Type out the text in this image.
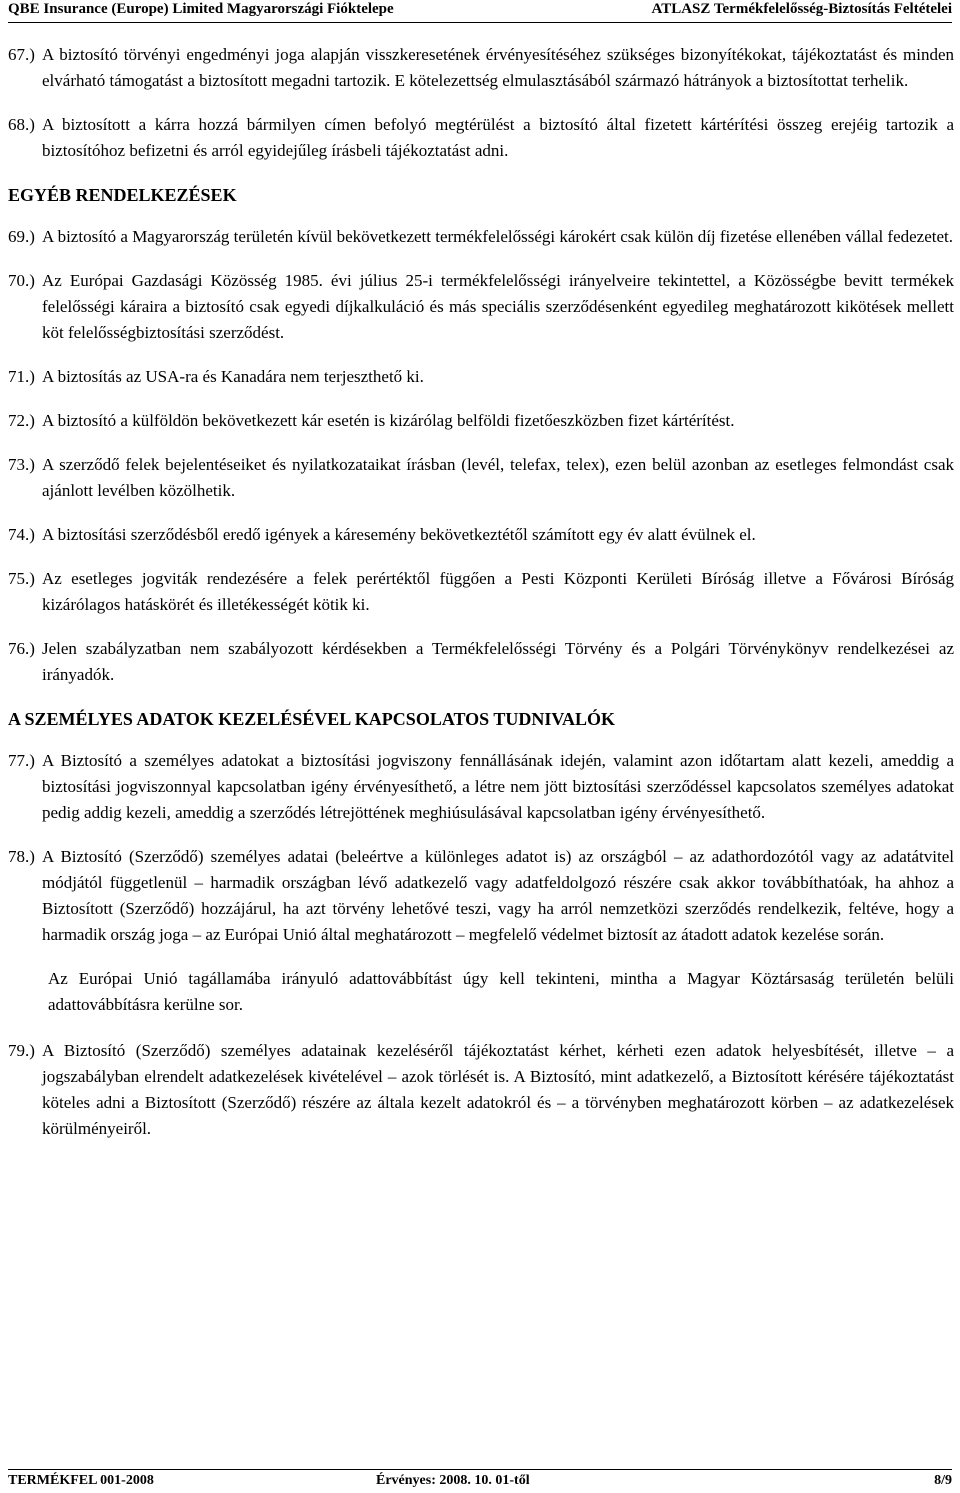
QBE Insurance (Europe) Limited Magyarországi Fióktelepe	ATLASZ Termékfelelősség-Biztosítás Feltételei
67.) A biztosító törvényi engedményi joga alapján visszkeresetének érvényesítéséhez szükséges bizonyítékokat, tájékoztatást és minden elvárható támogatást a biztosított megadni tartozik. E kötelezettség elmulasztásából származó hátrányok a biztosítottat terhelik.
68.) A biztosított a kárra hozzá bármilyen címen befolyó megtérülést a biztosító által fizetett kártérítési összeg erejéig tartozik a biztosítóhoz befizetni és arról egyidejűleg írásbeli tájékoztatást adni.
EGYÉB RENDELKEZÉSEK
69.) A biztosító a Magyarország területén kívül bekövetkezett termékfelelősségi károkért csak külön díj fizetése ellenében vállal fedezetet.
70.) Az Európai Gazdasági Közösség 1985. évi július 25-i termékfelelősségi irányelveire tekintettel, a Közösségbe bevitt termékek felelősségi káraira a biztosító csak egyedi díjkalkuláció és más speciális szerződésenként egyedileg meghatározott kikötések mellett köt felelősségbiztosítási szerződést.
71.) A biztosítás az USA-ra és Kanadára nem terjeszthető ki.
72.) A biztosító a külföldön bekövetkezett kár esetén is kizárólag belföldi fizetőeszközben fizet kártérítést.
73.) A szerződő felek bejelentéseiket és nyilatkozataikat írásban (levél, telefax, telex), ezen belül azonban az esetleges felmondást csak ajánlott levélben közölhetik.
74.) A biztosítási szerződésből eredő igények a káresemény bekövetkeztétől számított egy év alatt évülnek el.
75.) Az esetleges jogviták rendezésére a felek perértéktől függően a Pesti Központi Kerületi Bíróság illetve a Fővárosi Bíróság kizárólagos hatáskörét és illetékességét kötik ki.
76.) Jelen szabályzatban nem szabályozott kérdésekben a Termékfelelősségi Törvény és a Polgári Törvénykönyv rendelkezései az irányadók.
A SZEMÉLYES ADATOK KEZELÉSÉVEL KAPCSOLATOS TUDNIVALÓK
77.) A Biztosító a személyes adatokat a biztosítási jogviszony fennállásának idején, valamint azon időtartam alatt kezeli, ameddig a biztosítási jogviszonnyal kapcsolatban igény érvényesíthető, a létre nem jött biztosítási szerződéssel kapcsolatos személyes adatokat pedig addig kezeli, ameddig a szerződés létrejöttének meghiúsulásával kapcsolatban igény érvényesíthető.
78.) A Biztosító (Szerződő) személyes adatai (beleértve a különleges adatot is) az országból – az adathordozótól vagy az adatátvitel módjától függetlenül – harmadik országban lévő adatkezelő vagy adatfeldolgozó részére csak akkor továbbíthatóak, ha ahhoz a Biztosított (Szerződő) hozzájárul, ha azt törvény lehetővé teszi, vagy ha arról nemzetközi szerződés rendelkezik, feltéve, hogy a harmadik ország joga – az Európai Unió által meghatározott – megfelelő védelmet biztosít az átadott adatok kezelése során.
Az Európai Unió tagállamába irányuló adattovábbítást úgy kell tekinteni, mintha a Magyar Köztársaság területén belüli adattovábbításra kerülne sor.
79.) A Biztosító (Szerződő) személyes adatainak kezeléséről tájékoztatást kérhet, kérheti ezen adatok helyesbítését, illetve – a jogszabályban elrendelt adatkezelések kivételével – azok törlését is. A Biztosító, mint adatkezelő, a Biztosított kérésére tájékoztatást köteles adni a Biztosított (Szerződő) részére az általa kezelt adatokról és – a törvényben meghatározott körben – az adatkezelések körülményeiről.
TERMÉKFEL 001-2008	Érvényes: 2008. 10. 01-től	8/9
